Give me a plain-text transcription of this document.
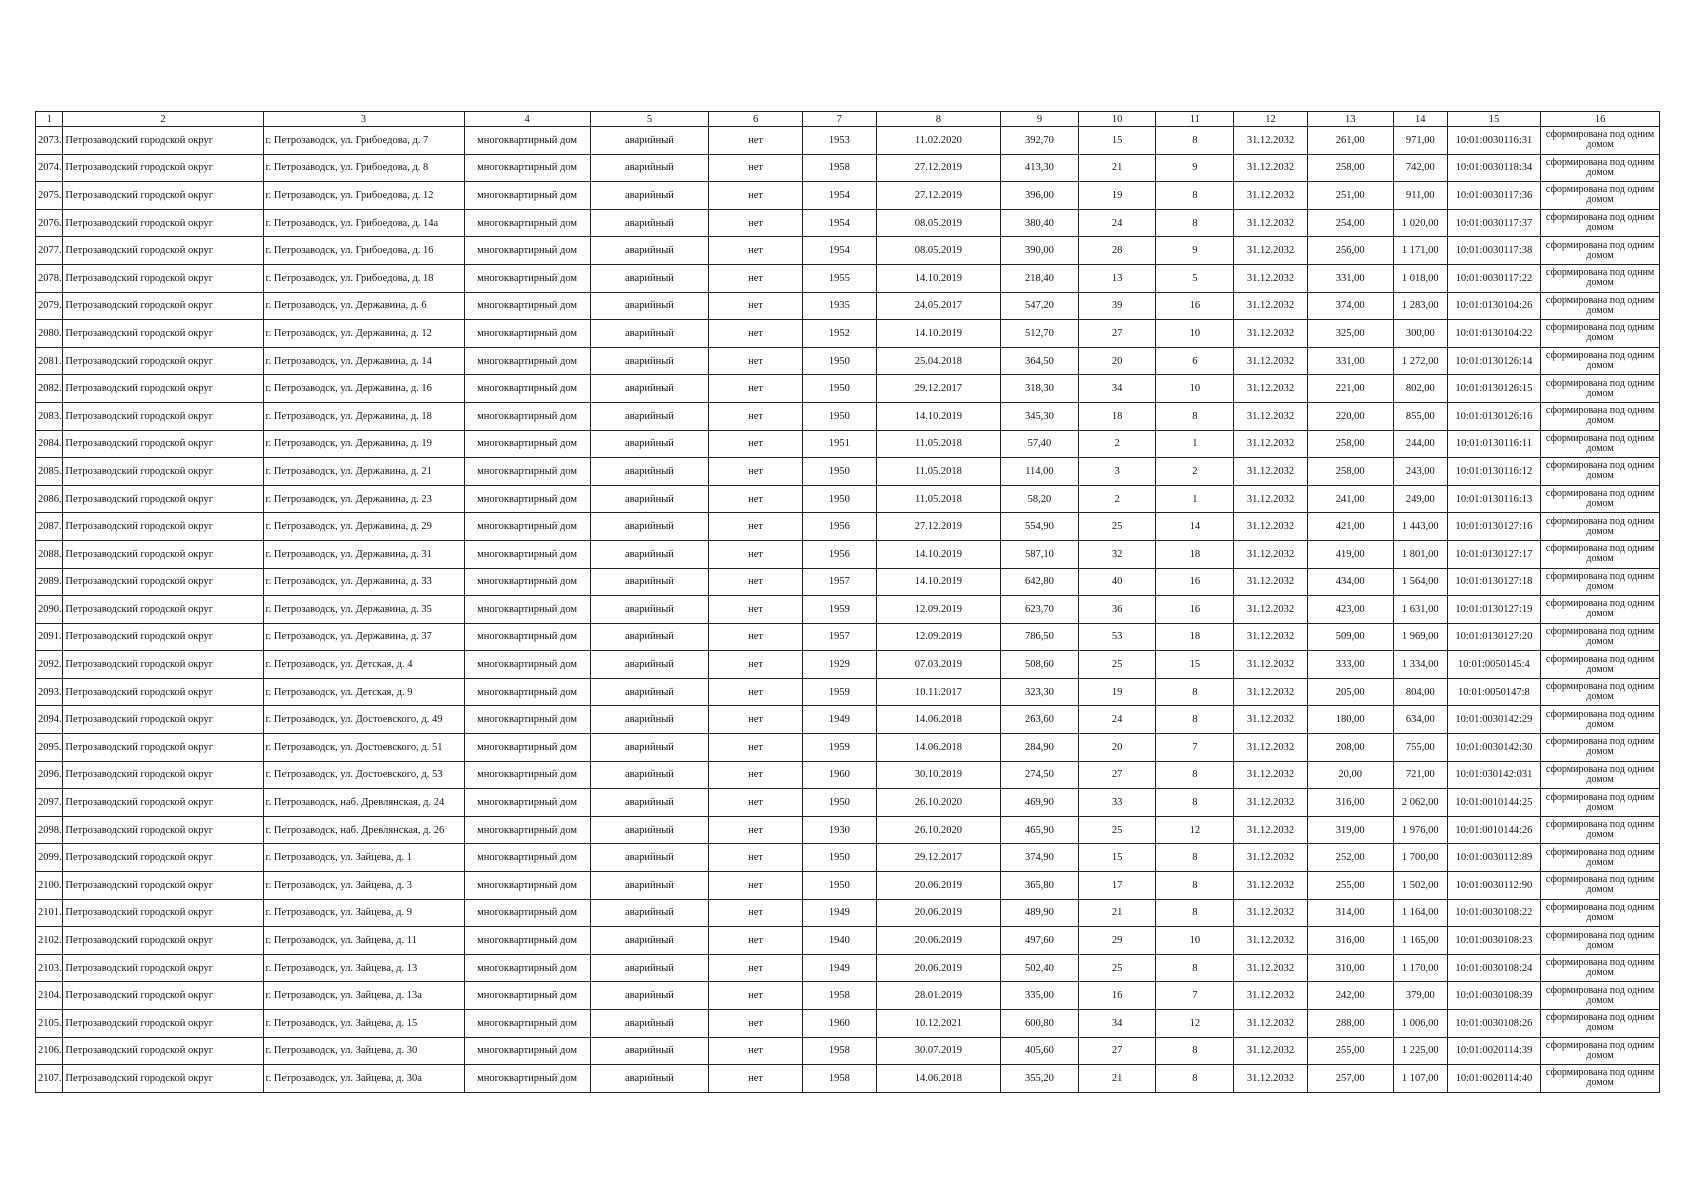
1	2	3	4	5	6	7	8	9	10	11	12	13	14	15	16
2073.	Петрозаводский городской округ	г. Петрозаводск, ул. Грибоедова, д. 7	многоквартирный дом	аварийный	нет	1953	11.02.2020	392,70	15	8	31.12.2032	261,00	971,00	10:01:0030116:31	сформирована под одним домом
2074.	Петрозаводский городской округ	г. Петрозаводск, ул. Грибоедова, д. 8	многоквартирный дом	аварийный	нет	1958	27.12.2019	413,30	21	9	31.12.2032	258,00	742,00	10:01:0030118:34	сформирована под одним домом
2075.	Петрозаводский городской округ	г. Петрозаводск, ул. Грибоедова, д. 12	многоквартирный дом	аварийный	нет	1954	27.12.2019	396,00	19	8	31.12.2032	251,00	911,00	10:01:0030117:36	сформирована под одним домом
2076.	Петрозаводский городской округ	г. Петрозаводск, ул. Грибоедова, д. 14а	многоквартирный дом	аварийный	нет	1954	08.05.2019	380,40	24	8	31.12.2032	254,00	1 020,00	10:01:0030117:37	сформирована под одним домом
2077.	Петрозаводский городской округ	г. Петрозаводск, ул. Грибоедова, д. 16	многоквартирный дом	аварийный	нет	1954	08.05.2019	390,00	28	9	31.12.2032	256,00	1 171,00	10:01:0030117:38	сформирована под одним домом
2078.	Петрозаводский городской округ	г. Петрозаводск, ул. Грибоедова, д. 18	многоквартирный дом	аварийный	нет	1955	14.10.2019	218,40	13	5	31.12.2032	331,00	1 018,00	10:01:0030117:22	сформирована под одним домом
2079.	Петрозаводский городской округ	г. Петрозаводск, ул. Державина, д. 6	многоквартирный дом	аварийный	нет	1935	24.05.2017	547,20	39	16	31.12.2032	374,00	1 283,00	10:01:0130104:26	сформирована под одним домом
2080.	Петрозаводский городской округ	г. Петрозаводск, ул. Державина, д. 12	многоквартирный дом	аварийный	нет	1952	14.10.2019	512,70	27	10	31.12.2032	325,00	300,00	10:01:0130104:22	сформирована под одним домом
2081.	Петрозаводский городской округ	г. Петрозаводск, ул. Державина, д. 14	многоквартирный дом	аварийный	нет	1950	25.04.2018	364,50	20	6	31.12.2032	331,00	1 272,00	10:01:0130126:14	сформирована под одним домом
2082.	Петрозаводский городской округ	г. Петрозаводск, ул. Державина, д. 16	многоквартирный дом	аварийный	нет	1950	29.12.2017	318,30	34	10	31.12.2032	221,00	802,00	10:01:0130126:15	сформирована под одним домом
2083.	Петрозаводский городской округ	г. Петрозаводск, ул. Державина, д. 18	многоквартирный дом	аварийный	нет	1950	14.10.2019	345,30	18	8	31.12.2032	220,00	855,00	10:01:0130126:16	сформирована под одним домом
2084.	Петрозаводский городской округ	г. Петрозаводск, ул. Державина, д. 19	многоквартирный дом	аварийный	нет	1951	11.05.2018	57,40	2	1	31.12.2032	258,00	244,00	10:01:0130116:11	сформирована под одним домом
2085.	Петрозаводский городской округ	г. Петрозаводск, ул. Державина, д. 21	многоквартирный дом	аварийный	нет	1950	11.05.2018	114,00	3	2	31.12.2032	258,00	243,00	10:01:0130116:12	сформирована под одним домом
2086.	Петрозаводский городской округ	г. Петрозаводск, ул. Державина, д. 23	многоквартирный дом	аварийный	нет	1950	11.05.2018	58,20	2	1	31.12.2032	241,00	249,00	10:01:0130116:13	сформирована под одним домом
2087.	Петрозаводский городской округ	г. Петрозаводск, ул. Державина, д. 29	многоквартирный дом	аварийный	нет	1956	27.12.2019	554,90	25	14	31.12.2032	421,00	1 443,00	10:01:0130127:16	сформирована под одним домом
2088.	Петрозаводский городской округ	г. Петрозаводск, ул. Державина, д. 31	многоквартирный дом	аварийный	нет	1956	14.10.2019	587,10	32	18	31.12.2032	419,00	1 801,00	10:01:0130127:17	сформирована под одним домом
2089.	Петрозаводский городской округ	г. Петрозаводск, ул. Державина, д. 33	многоквартирный дом	аварийный	нет	1957	14.10.2019	642,80	40	16	31.12.2032	434,00	1 564,00	10:01:0130127:18	сформирована под одним домом
2090.	Петрозаводский городской округ	г. Петрозаводск, ул. Державина, д. 35	многоквартирный дом	аварийный	нет	1959	12.09.2019	623,70	36	16	31.12.2032	423,00	1 631,00	10:01:0130127:19	сформирована под одним домом
2091.	Петрозаводский городской округ	г. Петрозаводск, ул. Державина, д. 37	многоквартирный дом	аварийный	нет	1957	12.09.2019	786,50	53	18	31.12.2032	509,00	1 969,00	10:01:0130127:20	сформирована под одним домом
2092.	Петрозаводский городской округ	г. Петрозаводск, ул. Детская, д. 4	многоквартирный дом	аварийный	нет	1929	07.03.2019	508,60	25	15	31.12.2032	333,00	1 334,00	10:01:0050145:4	сформирована под одним домом
2093.	Петрозаводский городской округ	г. Петрозаводск, ул. Детская, д. 9	многоквартирный дом	аварийный	нет	1959	10.11.2017	323,30	19	8	31.12.2032	205,00	804,00	10:01:0050147:8	сформирована под одним домом
2094.	Петрозаводский городской округ	г. Петрозаводск, ул. Достоевского, д. 49	многоквартирный дом	аварийный	нет	1949	14.06.2018	263,60	24	8	31.12.2032	180,00	634,00	10:01:0030142:29	сформирована под одним домом
2095.	Петрозаводский городской округ	г. Петрозаводск, ул. Достоевского, д. 51	многоквартирный дом	аварийный	нет	1959	14.06.2018	284,90	20	7	31.12.2032	208,00	755,00	10:01:0030142:30	сформирована под одним домом
2096.	Петрозаводский городской округ	г. Петрозаводск, ул. Достоевского, д. 53	многоквартирный дом	аварийный	нет	1960	30.10.2019	274,50	27	8	31.12.2032	20,00	721,00	10:01:030142:031	сформирована под одним домом
2097.	Петрозаводский городской округ	г. Петрозаводск, наб. Древлянская, д. 24	многоквартирный дом	аварийный	нет	1950	26.10.2020	469,90	33	8	31.12.2032	316,00	2 062,00	10:01:0010144:25	сформирована под одним домом
2098.	Петрозаводский городской округ	г. Петрозаводск, наб. Древлянская, д. 26	многоквартирный дом	аварийный	нет	1930	26.10.2020	465,90	25	12	31.12.2032	319,00	1 976,00	10:01:0010144:26	сформирована под одним домом
2099.	Петрозаводский городской округ	г. Петрозаводск, ул. Зайцева, д. 1	многоквартирный дом	аварийный	нет	1950	29.12.2017	374,90	15	8	31.12.2032	252,00	1 700,00	10:01:0030112:89	сформирована под одним домом
2100.	Петрозаводский городской округ	г. Петрозаводск, ул. Зайцева, д. 3	многоквартирный дом	аварийный	нет	1950	20.06.2019	365,80	17	8	31.12.2032	255,00	1 502,00	10:01:0030112:90	сформирована под одним домом
2101.	Петрозаводский городской округ	г. Петрозаводск, ул. Зайцева, д. 9	многоквартирный дом	аварийный	нет	1949	20.06.2019	489,90	21	8	31.12.2032	314,00	1 164,00	10:01:0030108:22	сформирована под одним домом
2102.	Петрозаводский городской округ	г. Петрозаводск, ул. Зайцева, д. 11	многоквартирный дом	аварийный	нет	1940	20.06.2019	497,60	29	10	31.12.2032	316,00	1 165,00	10:01:0030108:23	сформирована под одним домом
2103.	Петрозаводский городской округ	г. Петрозаводск, ул. Зайцева, д. 13	многоквартирный дом	аварийный	нет	1949	20.06.2019	502,40	25	8	31.12.2032	310,00	1 170,00	10:01:0030108:24	сформирована под одним домом
2104.	Петрозаводский городской округ	г. Петрозаводск, ул. Зайцева, д. 13а	многоквартирный дом	аварийный	нет	1958	28.01.2019	335,00	16	7	31.12.2032	242,00	379,00	10:01:0030108:39	сформирована под одним домом
2105.	Петрозаводский городской округ	г. Петрозаводск, ул. Зайцева, д. 15	многоквартирный дом	аварийный	нет	1960	10.12.2021	600,80	34	12	31.12.2032	288,00	1 006,00	10:01:0030108:26	сформирована под одним домом
2106.	Петрозаводский городской округ	г. Петрозаводск, ул. Зайцева, д. 30	многоквартирный дом	аварийный	нет	1958	30.07.2019	405,60	27	8	31.12.2032	255,00	1 225,00	10:01:0020114:39	сформирована под одним домом
2107.	Петрозаводский городской округ	г. Петрозаводск, ул. Зайцева, д. 30а	многоквартирный дом	аварийный	нет	1958	14.06.2018	355,20	21	8	31.12.2032	257,00	1 107,00	10:01:0020114:40	сформирована под одним домом
